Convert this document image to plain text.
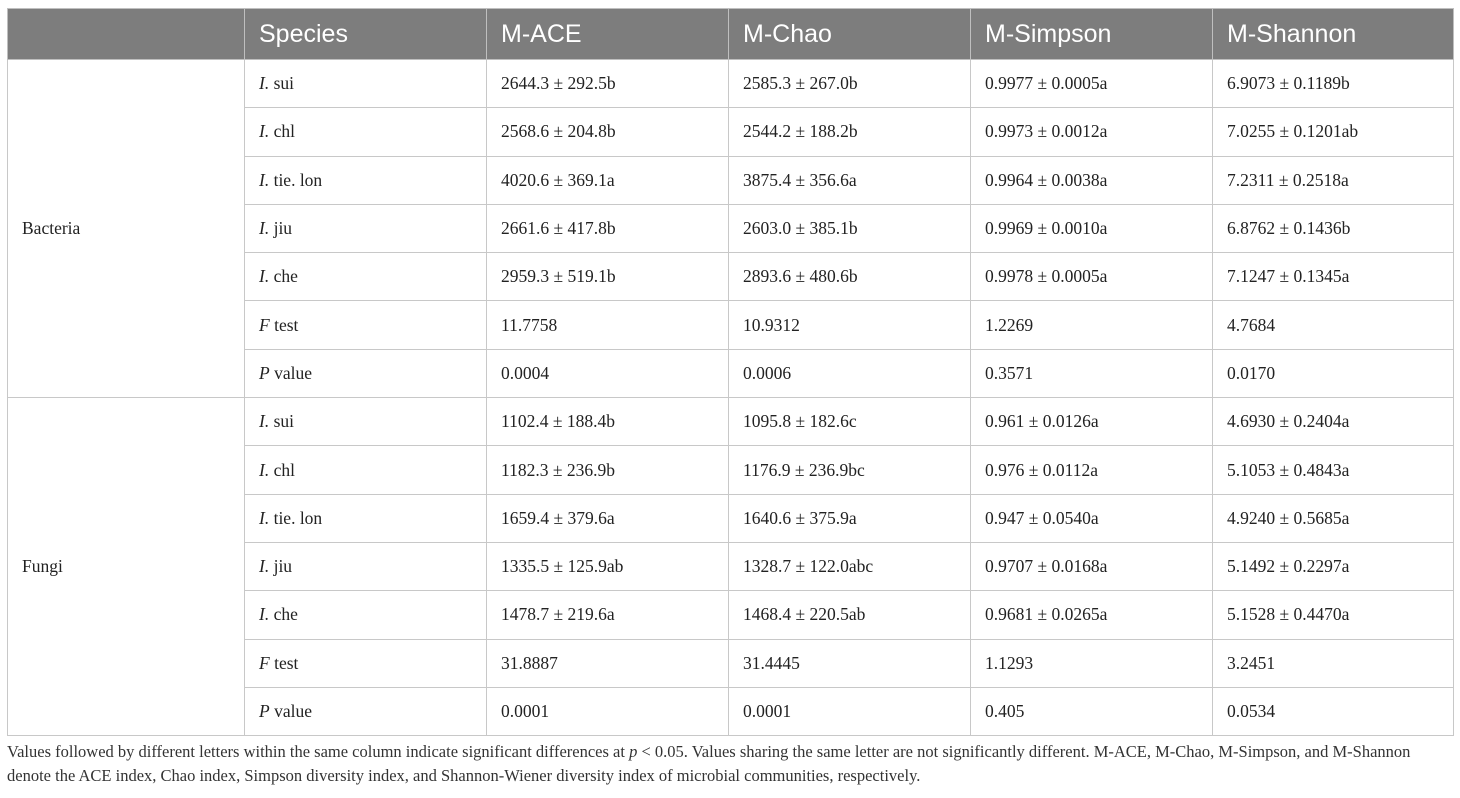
	Species	M-ACE	M-Chao	M-Simpson	M-Shannon
Bacteria	I. sui	2644.3 ± 292.5b	2585.3 ± 267.0b	0.9977 ± 0.0005a	6.9073 ± 0.1189b
	I. chl	2568.6 ± 204.8b	2544.2 ± 188.2b	0.9973 ± 0.0012a	7.0255 ± 0.1201ab
	I. tie. lon	4020.6 ± 369.1a	3875.4 ± 356.6a	0.9964 ± 0.0038a	7.2311 ± 0.2518a
	I. jiu	2661.6 ± 417.8b	2603.0 ± 385.1b	0.9969 ± 0.0010a	6.8762 ± 0.1436b
	I. che	2959.3 ± 519.1b	2893.6 ± 480.6b	0.9978 ± 0.0005a	7.1247 ± 0.1345a
	F test	11.7758	10.9312	1.2269	4.7684
	P value	0.0004	0.0006	0.3571	0.0170
Fungi	I. sui	1102.4 ± 188.4b	1095.8 ± 182.6c	0.961 ± 0.0126a	4.6930 ± 0.2404a
	I. chl	1182.3 ± 236.9b	1176.9 ± 236.9bc	0.976 ± 0.0112a	5.1053 ± 0.4843a
	I. tie. lon	1659.4 ± 379.6a	1640.6 ± 375.9a	0.947 ± 0.0540a	4.9240 ± 0.5685a
	I. jiu	1335.5 ± 125.9ab	1328.7 ± 122.0abc	0.9707 ± 0.0168a	5.1492 ± 0.2297a
	I. che	1478.7 ± 219.6a	1468.4 ± 220.5ab	0.9681 ± 0.0265a	5.1528 ± 0.4470a
	F test	31.8887	31.4445	1.1293	3.2451
	P value	0.0001	0.0001	0.405	0.0534
Values followed by different letters within the same column indicate significant differences at p < 0.05. Values sharing the same letter are not significantly different. M-ACE, M-Chao, M-Simpson, and M-Shannon denote the ACE index, Chao index, Simpson diversity index, and Shannon-Wiener diversity index of microbial communities, respectively.
